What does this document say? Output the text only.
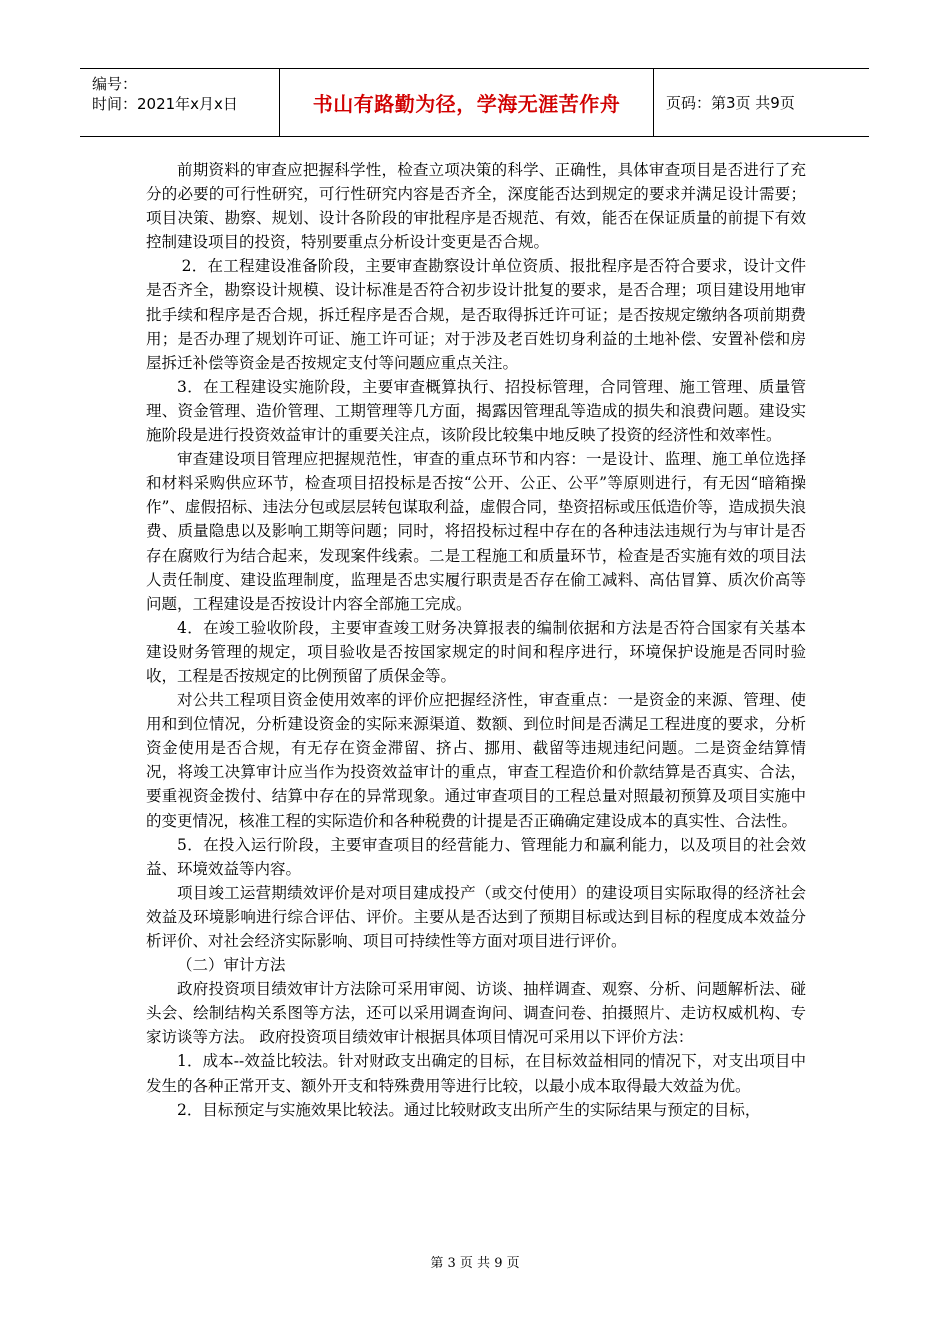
编号：
时间：2021年x月x日	书山有路勤为径，学海无涯苦作舟	页码：第3页 共9页

前期资料的审查应把握科学性，检查立项决策的科学、正确性，具体审查项目是否进行了充分的必要的可行性研究，可行性研究内容是否齐全，深度能否达到规定的要求并满足设计需要；项目决策、勘察、规划、设计各阶段的审批程序是否规范、有效，能否在保证质量的前提下有效控制建设项目的投资，特别要重点分析设计变更是否合规。

2．在工程建设准备阶段，主要审查勘察设计单位资质、报批程序是否符合要求，设计文件是否齐全，勘察设计规模、设计标准是否符合初步设计批复的要求，是否合理；项目建设用地审批手续和程序是否合规，拆迁程序是否合规，是否取得拆迁许可证；是否按规定缴纳各项前期费用；是否办理了规划许可证、施工许可证；对于涉及老百姓切身利益的土地补偿、安置补偿和房屋拆迁补偿等资金是否按规定支付等问题应重点关注。

3．在工程建设实施阶段，主要审查概算执行、招投标管理，合同管理、施工管理、质量管理、资金管理、造价管理、工期管理等几方面，揭露因管理乱等造成的损失和浪费问题。建设实施阶段是进行投资效益审计的重要关注点，该阶段比较集中地反映了投资的经济性和效率性。

审查建设项目管理应把握规范性，审查的重点环节和内容：一是设计、监理、施工单位选择和材料采购供应环节，检查项目招投标是否按“公开、公正、公平”等原则进行，有无因“暗箱操作”、虚假招标、违法分包或层层转包谋取利益，虚假合同，垫资招标或压低造价等，造成损失浪费、质量隐患以及影响工期等问题；同时，将招投标过程中存在的各种违法违规行为与审计是否存在腐败行为结合起来，发现案件线索。二是工程施工和质量环节，检查是否实施有效的项目法人责任制度、建设监理制度，监理是否忠实履行职责是否存在偷工减料、高估冒算、质次价高等问题，工程建设是否按设计内容全部施工完成。

4．在竣工验收阶段，主要审查竣工财务决算报表的编制依据和方法是否符合国家有关基本建设财务管理的规定，项目验收是否按国家规定的时间和程序进行，环境保护设施是否同时验收，工程是否按规定的比例预留了质保金等。

对公共工程项目资金使用效率的评价应把握经济性，审查重点：一是资金的来源、管理、使用和到位情况，分析建设资金的实际来源渠道、数额、到位时间是否满足工程进度的要求，分析资金使用是否合规，有无存在资金滞留、挤占、挪用、截留等违规违纪问题。二是资金结算情况，将竣工决算审计应当作为投资效益审计的重点，审查工程造价和价款结算是否真实、合法，要重视资金拨付、结算中存在的异常现象。通过审查项目的工程总量对照最初预算及项目实施中的变更情况，核准工程的实际造价和各种税费的计提是否正确确定建设成本的真实性、合法性。

5．在投入运行阶段，主要审查项目的经营能力、管理能力和赢利能力，以及项目的社会效益、环境效益等内容。

项目竣工运营期绩效评价是对项目建成投产（或交付使用）的建设项目实际取得的经济社会效益及环境影响进行综合评估、评价。主要从是否达到了预期目标或达到目标的程度成本效益分析评价、对社会经济实际影响、项目可持续性等方面对项目进行评价。

（二）审计方法

政府投资项目绩效审计方法除可采用审阅、访谈、抽样调查、观察、分析、问题解析法、碰头会、绘制结构关系图等方法，还可以采用调查询问、调查问卷、拍摄照片、走访权威机构、专家访谈等方法。 政府投资项目绩效审计根据具体项目情况可采用以下评价方法：

1．成本--效益比较法。针对财政支出确定的目标，在目标效益相同的情况下，对支出项目中发生的各种正常开支、额外开支和特殊费用等进行比较，以最小成本取得最大效益为优。

2．目标预定与实施效果比较法。通过比较财政支出所产生的实际结果与预定的目标，

第 3 页 共 9 页
